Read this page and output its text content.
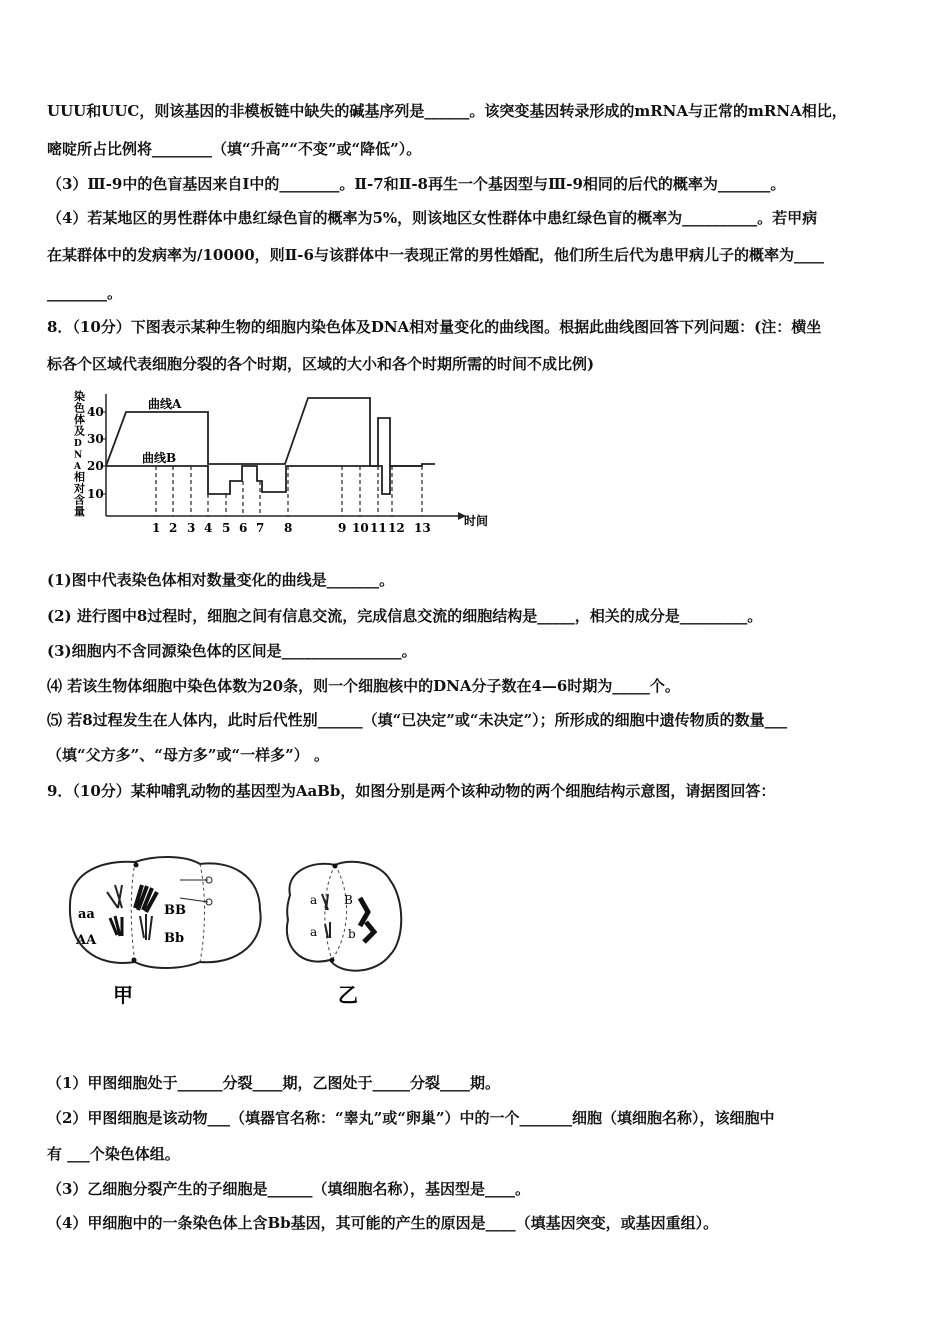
UUU和UUC，则该基因的非模板链中缺失的碱基序列是______。该突变基因转录形成的mRNA与正常的mRNA相比，
嘧啶所占比例将________（填“升高”“不变”或“降低”）。
（3）Ⅲ-9中的色盲基因来自Ⅰ中的________。Ⅱ-7和Ⅱ-8再生一个基因型与Ⅲ-9相同的后代的概率为_______。
（4）若某地区的男性群体中患红绿色盲的概率为5%，则该地区女性群体中患红绿色盲的概率为__________。若甲病
在某群体中的发病率为/10000，则Ⅱ-6与该群体中一表现正常的男性婚配，他们所生后代为患甲病儿子的概率为____
________。
8．（10分）下图表示某种生物的细胞内染色体及DNA相对量变化的曲线图。根据此曲线图回答下列问题：(注：横坐
标各个区域代表细胞分裂的各个时期，区域的大小和各个时期所需的时间不成比例)
染色体及 D N A 相对含量
时间
10
20
30
40
曲线A
曲线B
1 2 3 4 5 6 7 8	9 10 11 12 13
(1)图中代表染色体相对数量变化的曲线是_______。
(2) 进行图中8过程时，细胞之间有信息交流，完成信息交流的细胞结构是_____，相关的成分是_________。
(3)细胞内不含同源染色体的区间是________________。
⑷ 若该生物体细胞中染色体数为20条，则一个细胞核中的DNA分子数在4—6时期为_____个。
⑸ 若8过程发生在人体内，此时后代性别______（填“已决定”或“未决定”）；所形成的细胞中遗传物质的数量___
（填“父方多”、“母方多”或“一样多”） 。
9．（10分）某种哺乳动物的基因型为AaBb，如图分别是两个该种动物的两个细胞结构示意图，请据图回答：
aa	BB
AA	Bb
甲
a B
a	b
乙
（1）甲图细胞处于______分裂____期，乙图处于_____分裂____期。
（2）甲图细胞是该动物___（填器官名称：“睾丸”或“卵巢”）中的一个_______细胞（填细胞名称），该细胞中
有 ___个染色体组。
（3）乙细胞分裂产生的子细胞是______（填细胞名称），基因型是____。
（4）甲细胞中的一条染色体上含Bb基因，其可能的产生的原因是____（填基因突变，或基因重组）。
